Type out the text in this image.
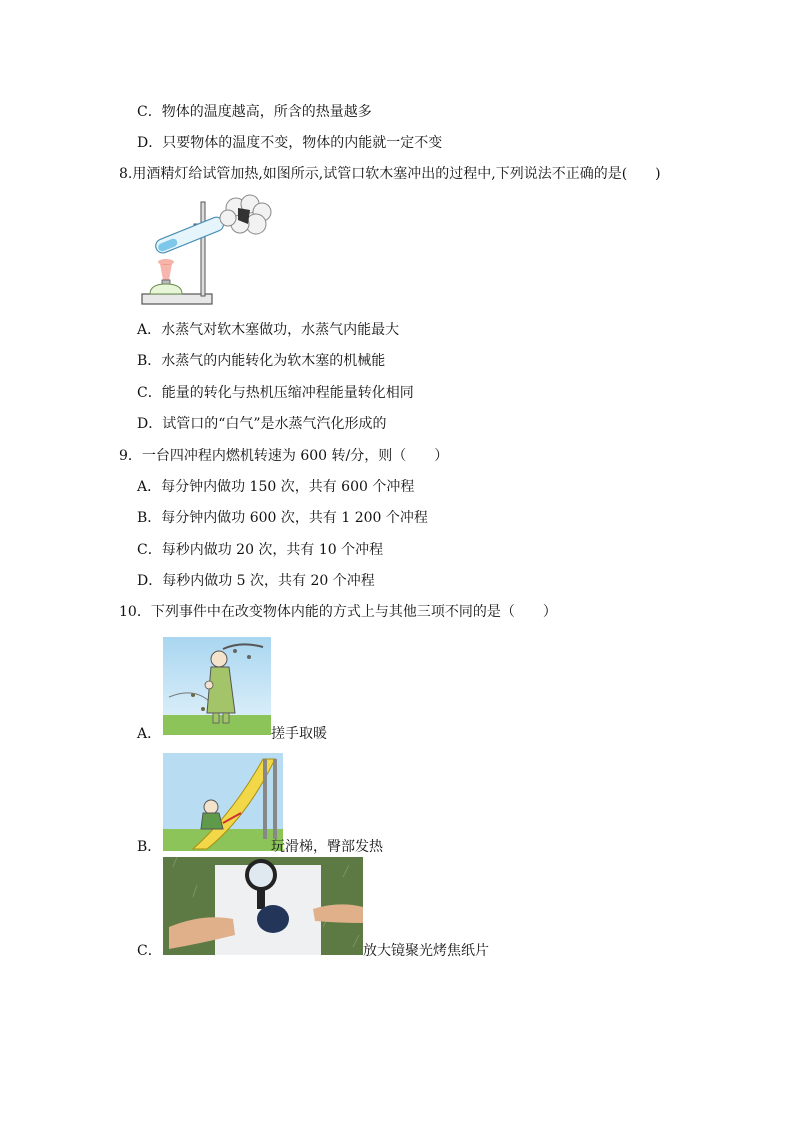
C．物体的温度越高，所含的热量越多
D．只要物体的温度不变，物体的内能就一定不变
8.用酒精灯给试管加热,如图所示,试管口软木塞冲出的过程中,下列说法不正确的是(　　)
A．水蒸气对软木塞做功，水蒸气内能最大
B．水蒸气的内能转化为软木塞的机械能
C．能量的转化与热机压缩冲程能量转化相同
D．试管口的“白气”是水蒸气汽化形成的
9．一台四冲程内燃机转速为 600 转/分，则（　　）
A．每分钟内做功 150 次，共有 600 个冲程
B．每分钟内做功 600 次，共有 1 200 个冲程
C．每秒内做功 20 次，共有 10 个冲程
D．每秒内做功 5 次，共有 20 个冲程
10．下列事件中在改变物体内能的方式上与其他三项不同的是（　　）
A．	搓手取暖
B．	玩滑梯，臀部发热
C．	放大镜聚光烤焦纸片
